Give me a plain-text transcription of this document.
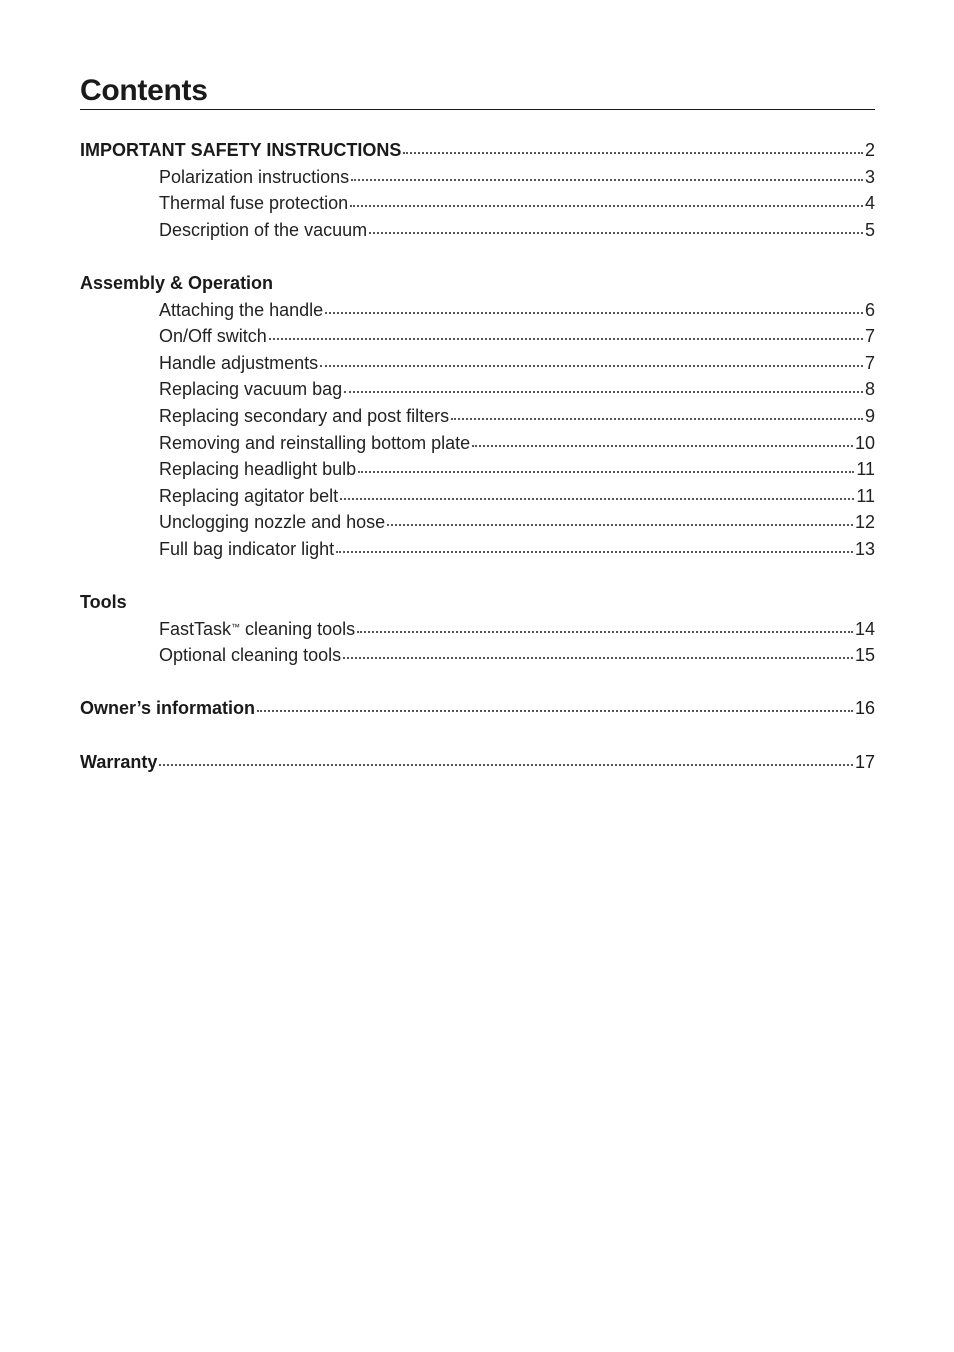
Contents
IMPORTANT SAFETY INSTRUCTIONS	2
Polarization instructions	3
Thermal fuse protection	4
Description of the vacuum	5
Assembly & Operation
Attaching the handle	6
On/Off switch	7
Handle adjustments	7
Replacing vacuum bag	8
Replacing secondary and post filters	9
Removing and reinstalling bottom plate	10
Replacing headlight bulb	11
Replacing agitator belt	11
Unclogging nozzle and hose	12
Full bag indicator light	13
Tools
FastTask™ cleaning tools	14
Optional cleaning tools	15
Owner’s information	16
Warranty	17
